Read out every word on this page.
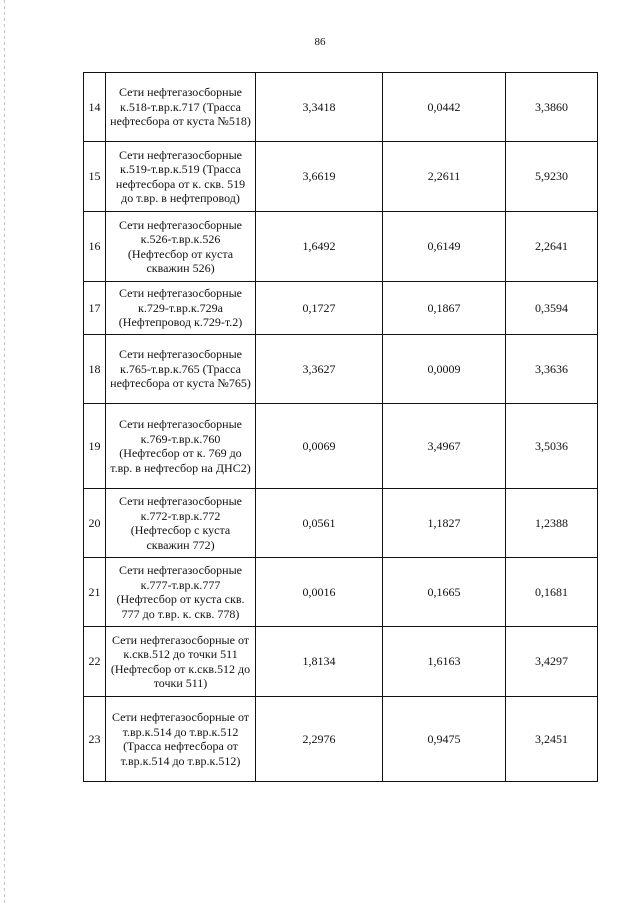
86
14	Сети нефтегазосборные к.518-т.вр.к.717 (Трасса нефтесбора от куста №518)	3,3418	0,0442	3,3860
15	Сети нефтегазосборные к.519-т.вр.к.519 (Трасса нефтесбора от к. скв. 519 до т.вр. в нефтепровод)	3,6619	2,2611	5,9230
16	Сети нефтегазосборные к.526-т.вр.к.526 (Нефтесбор от куста скважин 526)	1,6492	0,6149	2,2641
17	Сети нефтегазосборные к.729-т.вр.к.729а (Нефтепровод к.729-т.2)	0,1727	0,1867	0,3594
18	Сети нефтегазосборные к.765-т.вр.к.765 (Трасса нефтесбора от куста №765)	3,3627	0,0009	3,3636
19	Сети нефтегазосборные к.769-т.вр.к.760 (Нефтесбор от к. 769 до т.вр. в нефтесбор на ДНС2)	0,0069	3,4967	3,5036
20	Сети нефтегазосборные к.772-т.вр.к.772 (Нефтесбор с куста скважин 772)	0,0561	1,1827	1,2388
21	Сети нефтегазосборные к.777-т.вр.к.777 (Нефтесбор от куста скв. 777 до т.вр. к. скв. 778)	0,0016	0,1665	0,1681
22	Сети нефтегазосборные от к.скв.512 до точки 511 (Нефтесбор от к.скв.512 до точки 511)	1,8134	1,6163	3,4297
23	Сети нефтегазосборные от т.вр.к.514 до т.вр.к.512 (Трасса нефтесбора от т.вр.к.514 до т.вр.к.512)	2,2976	0,9475	3,2451
